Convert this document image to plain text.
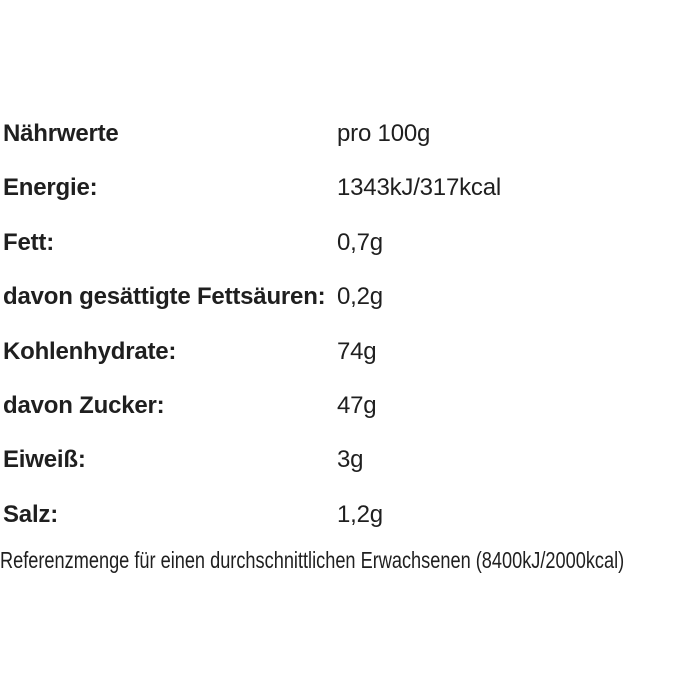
Nährwerte	pro 100g
Energie:	1343kJ/317kcal
Fett:	0,7g
davon gesättigte Fettsäuren: 0,2g
Kohlenhydrate:	74g
davon Zucker:	47g
Eiweiß:	3g
Salz:	1,2g
Referenzmenge für einen durchschnittlichen Erwachsenen (8400kJ/2000kcal)
